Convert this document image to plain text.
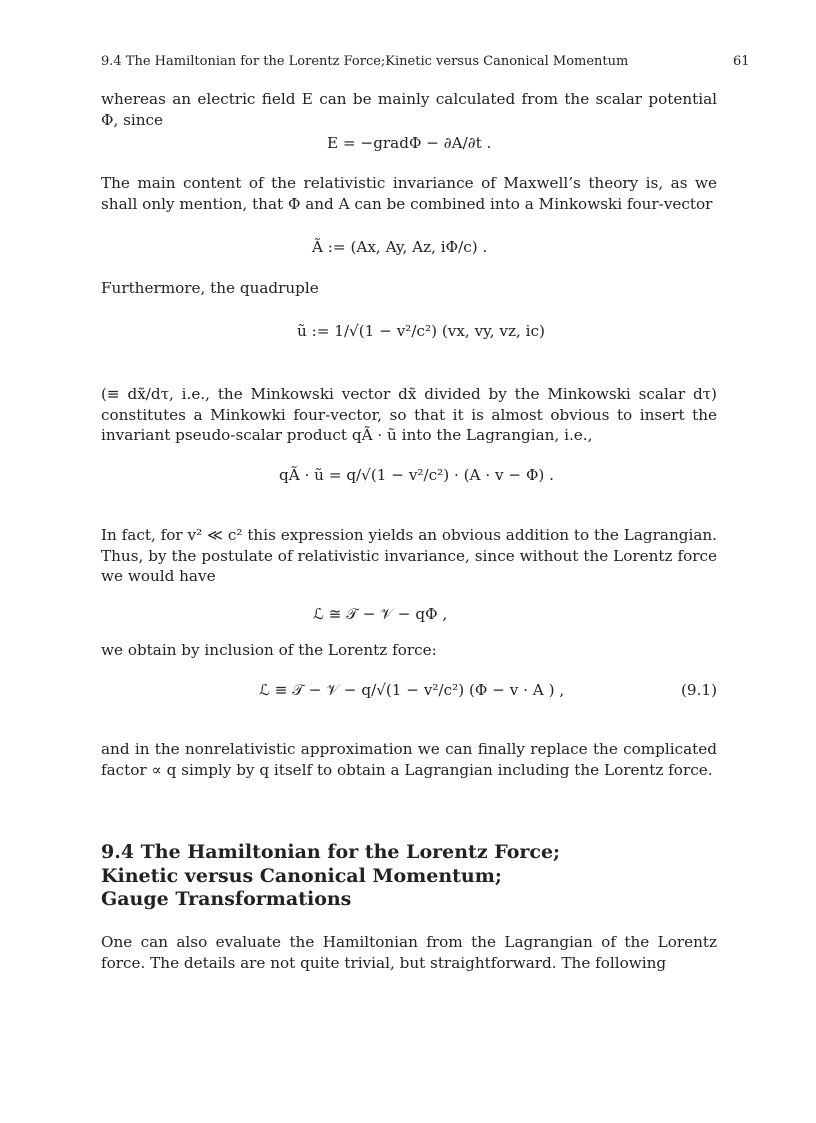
9.4 The Hamiltonian for the Lorentz Force;Kinetic versus Canonical Momentum	61

whereas an electric field E can be mainly calculated from the scalar potential Φ, since

E = −gradΦ − ∂A/∂t .

The main content of the relativistic invariance of Maxwell’s theory is, as we shall only mention, that Φ and A can be combined into a Minkowski four-vector

Ã := (Ax, Ay, Az, iΦ/c) .

Furthermore, the quadruple

ũ := 1/√(1 − v²/c²) (vx, vy, vz, ic)

(≡ dx̃/dτ, i.e., the Minkowski vector dx̃ divided by the Minkowski scalar dτ) constitutes a Minkowki four-vector, so that it is almost obvious to insert the invariant pseudo-scalar product qÃ · ũ into the Lagrangian, i.e.,

qÃ · ũ = q/√(1 − v²/c²) · (A · v − Φ) .

In fact, for v² ≪ c² this expression yields an obvious addition to the Lagrangian. Thus, by the postulate of relativistic invariance, since without the Lorentz force we would have

ℒ ≅ 𝒯 − 𝒱 − qΦ ,

we obtain by inclusion of the Lorentz force:

ℒ ≡ 𝒯 − 𝒱 − q/√(1 − v²/c²) (Φ − v · A ) ,	(9.1)

and in the nonrelativistic approximation we can finally replace the complicated factor ∝ q simply by q itself to obtain a Lagrangian including the Lorentz force.

9.4 The Hamiltonian for the Lorentz Force;
Kinetic versus Canonical Momentum;
Gauge Transformations

One can also evaluate the Hamiltonian from the Lagrangian of the Lorentz force. The details are not quite trivial, but straightforward. The following
